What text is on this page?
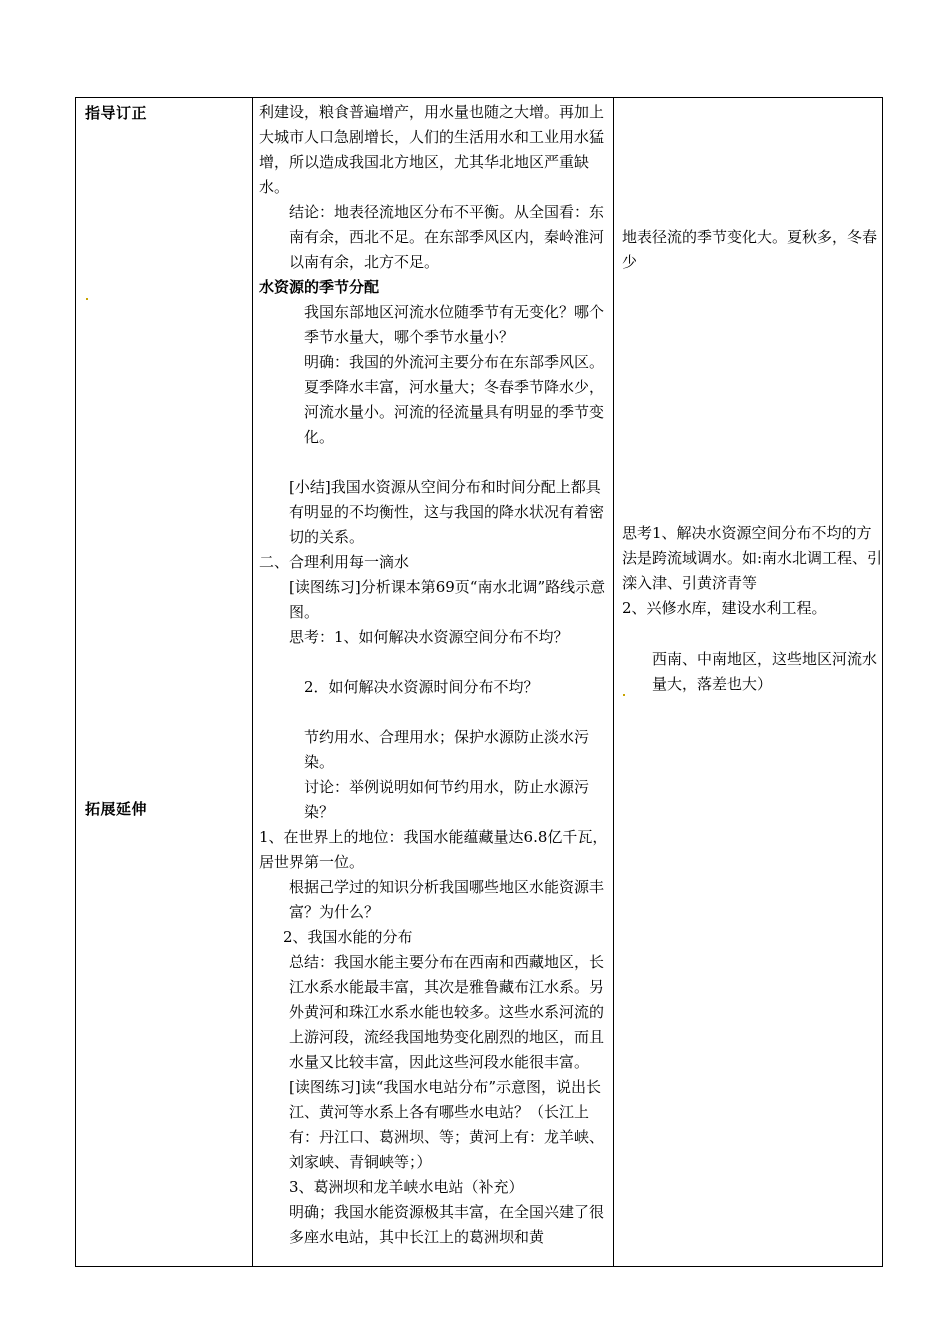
指导订正
拓展延伸

利建设，粮食普遍增产，用水量也随之大增。再加上大城市人口急剧增长，人们的生活用水和工业用水猛增，所以造成我国北方地区，尤其华北地区严重缺水。

结论：地表径流地区分布不平衡。从全国看：东南有余，西北不足。在东部季风区内，秦岭淮河以南有余，北方不足。

水资源的季节分配

我国东部地区河流水位随季节有无变化？哪个季节水量大，哪个季节水量小？

明确：我国的外流河主要分布在东部季风区。夏季降水丰富，河水量大；冬春季节降水少，河流水量小。河流的径流量具有明显的季节变化。

[小结]我国水资源从空间分布和时间分配上都具有明显的不均衡性，这与我国的降水状况有着密切的关系。

二、合理利用每一滴水

[读图练习]分析课本第69页“南水北调”路线示意图。

思考：1、如何解决水资源空间分布不均？

2．如何解决水资源时间分布不均？

节约用水、合理用水；保护水源防止淡水污染。

讨论：举例说明如何节约用水，防止水源污染？

1、在世界上的地位：我国水能蕴藏量达6.8亿千瓦，居世界第一位。

根据己学过的知识分析我国哪些地区水能资源丰富？为什么？

2、我国水能的分布

总结：我国水能主要分布在西南和西藏地区，长江水系水能最丰富，其次是雅鲁藏布江水系。另外黄河和珠江水系水能也较多。这些水系河流的上游河段，流经我国地势变化剧烈的地区，而且水量又比较丰富，因此这些河段水能很丰富。

[读图练习]读“我国水电站分布”示意图，说出长江、黄河等水系上各有哪些水电站？（长江上有：丹江口、葛洲坝、等；黄河上有：龙羊峡、刘家峡、青铜峡等；）

3、葛洲坝和龙羊峡水电站（补充）

明确；我国水能资源极其丰富，在全国兴建了很多座水电站，其中长江上的葛洲坝和黄

地表径流的季节变化大。夏秋多，冬春少

思考1、解决水资源空间分布不均的方法是跨流域调水。如:南水北调工程、引滦入津、引黄济青等

2、兴修水库，建设水利工程。

西南、中南地区，这些地区河流水量大，落差也大）
